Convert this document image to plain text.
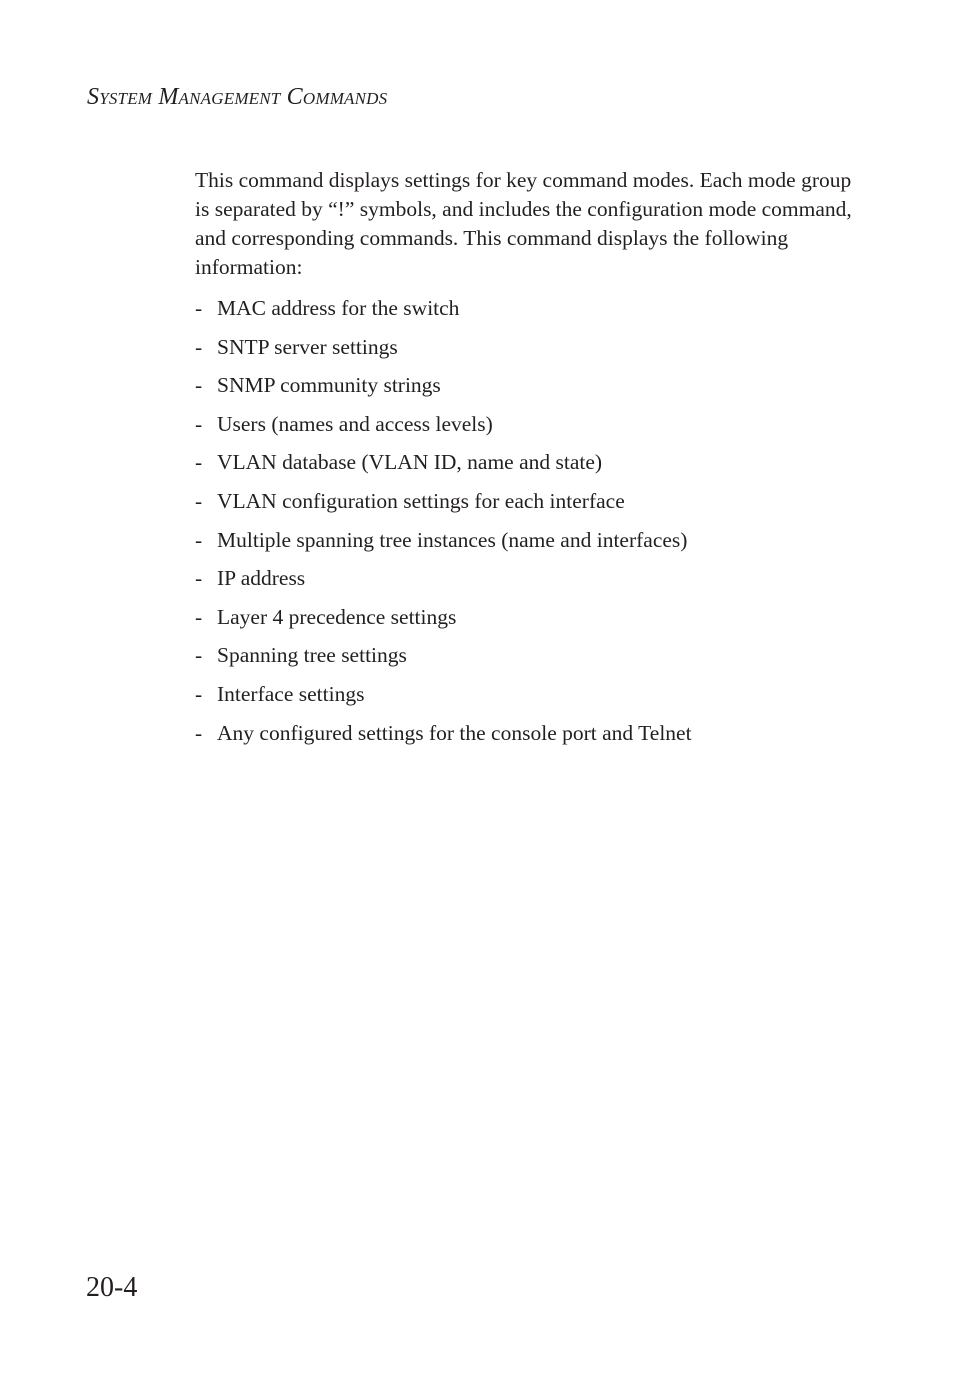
System Management Commands

This command displays settings for key command modes. Each mode group is separated by “!” symbols, and includes the configuration mode command, and corresponding commands. This command displays the following information:

- MAC address for the switch
- SNTP server settings
- SNMP community strings
- Users (names and access levels)
- VLAN database (VLAN ID, name and state)
- VLAN configuration settings for each interface
- Multiple spanning tree instances (name and interfaces)
- IP address
- Layer 4 precedence settings
- Spanning tree settings
- Interface settings
- Any configured settings for the console port and Telnet
20-4
